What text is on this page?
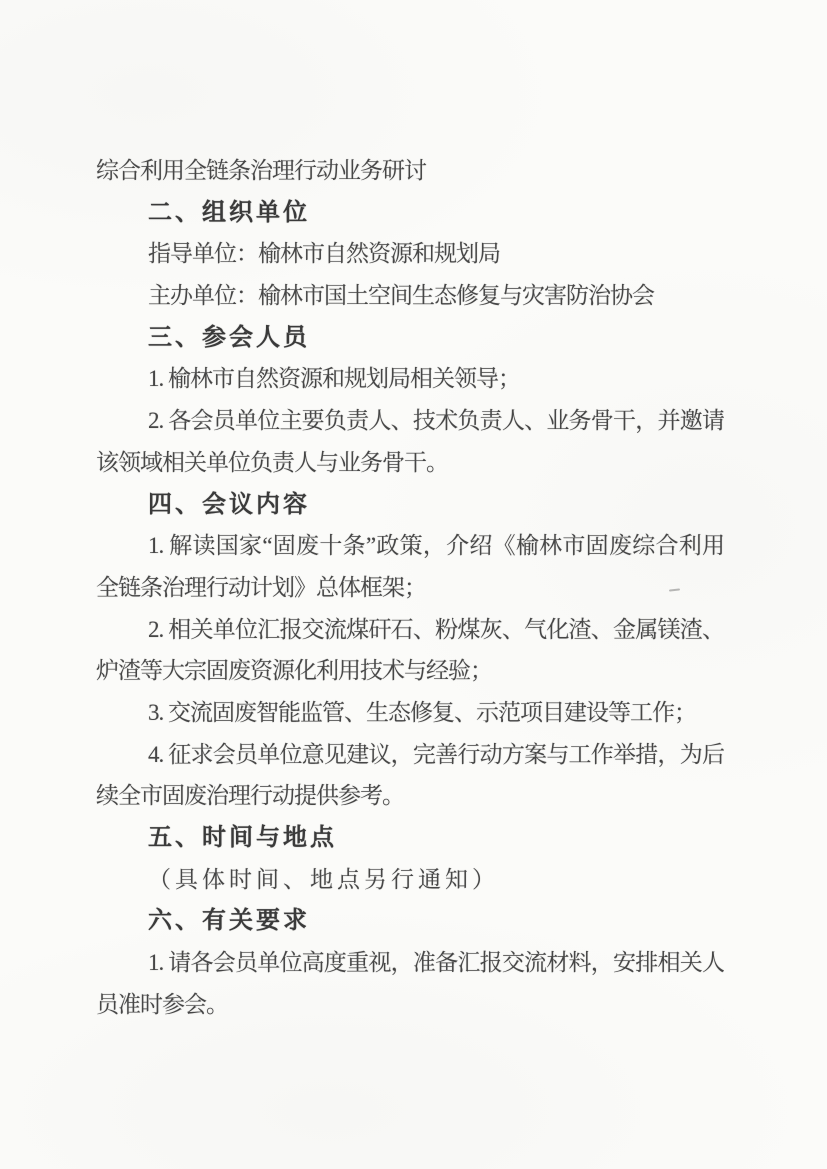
综合利用全链条治理行动业务研讨
二、组织单位
指导单位：榆林市自然资源和规划局
主办单位：榆林市国土空间生态修复与灾害防治协会
三、参会人员
1. 榆林市自然资源和规划局相关领导；
2. 各会员单位主要负责人、技术负责人、业务骨干，并邀请
该领域相关单位负责人与业务骨干。
四、会议内容
1. 解读国家“固废十条”政策，介绍《榆林市固废综合利用
全链条治理行动计划》总体框架；
2. 相关单位汇报交流煤矸石、粉煤灰、气化渣、金属镁渣、
炉渣等大宗固废资源化利用技术与经验；
3. 交流固废智能监管、生态修复、示范项目建设等工作；
4. 征求会员单位意见建议，完善行动方案与工作举措，为后
续全市固废治理行动提供参考。
五、时间与地点
（具体时间、地点另行通知）
六、有关要求
1. 请各会员单位高度重视，准备汇报交流材料，安排相关人
员准时参会。
